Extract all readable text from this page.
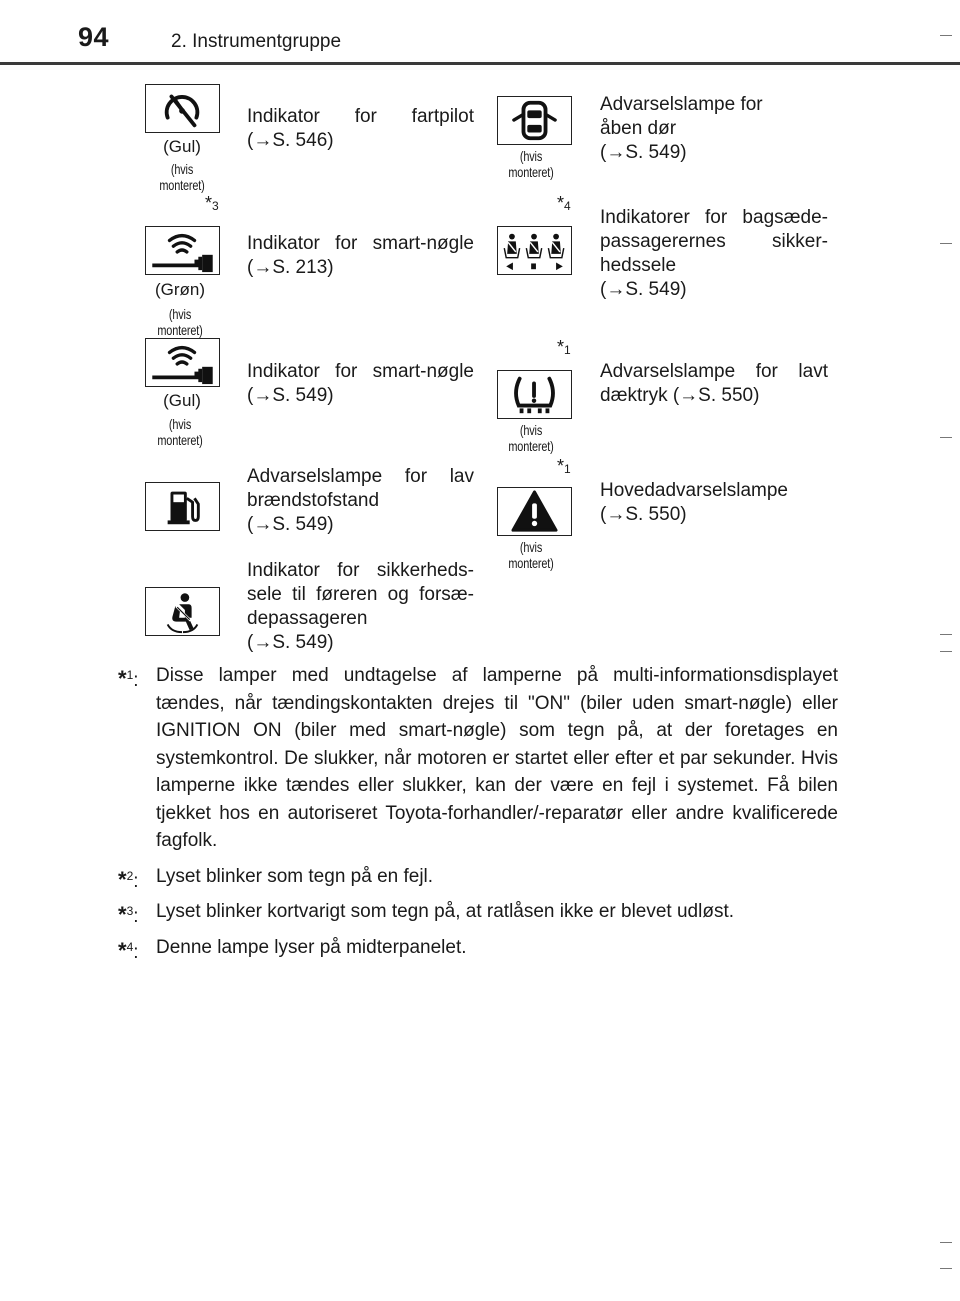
94	2. Instrumentgruppe
(Gul)
(hvis monteret)
Indikator for fartpilot
(→S. 546)
$*_3$
(Grøn)
(hvis monteret)
Indikator for smart-nøgle
(→S. 213)
(Gul)
(hvis monteret)
Indikator for smart-nøgle
(→S. 549)
Advarselslampe for lav
brændstofstand
(→S. 549)
Indikator for sikkerheds-
sele til føreren og forsæ-
depassageren
(→S. 549)
(hvis monteret)
Advarselslampe for
åben dør
(→S. 549)
$*_4$
Indikatorer for bagsæde-
passagerernes sikker-
hedssele
(→S. 549)
$*_1$
(hvis monteret)
Advarselslampe for lavt
dæktryk (→S. 550)
$*_1$
(hvis monteret)
Hovedadvarselslampe
(→S. 550)
*$^1$: Disse lamper med undtagelse af lamperne på multi-informationsdisplayet tændes, når tændingskontakten drejes til "ON" (biler uden smart-nøgle) eller IGNITION ON (biler med smart-nøgle) som tegn på, at der foretages en systemkontrol. De slukker, når motoren er startet eller efter et par sekunder. Hvis lamperne ikke tændes eller slukker, kan der være en fejl i systemet. Få bilen tjekket hos en autoriseret Toyota-forhandler/-reparatør eller andre kvalificerede fagfolk.
*$^2$: Lyset blinker som tegn på en fejl.
*$^3$: Lyset blinker kortvarigt som tegn på, at ratlåsen ikke er blevet udløst.
*$^4$: Denne lampe lyser på midterpanelet.
